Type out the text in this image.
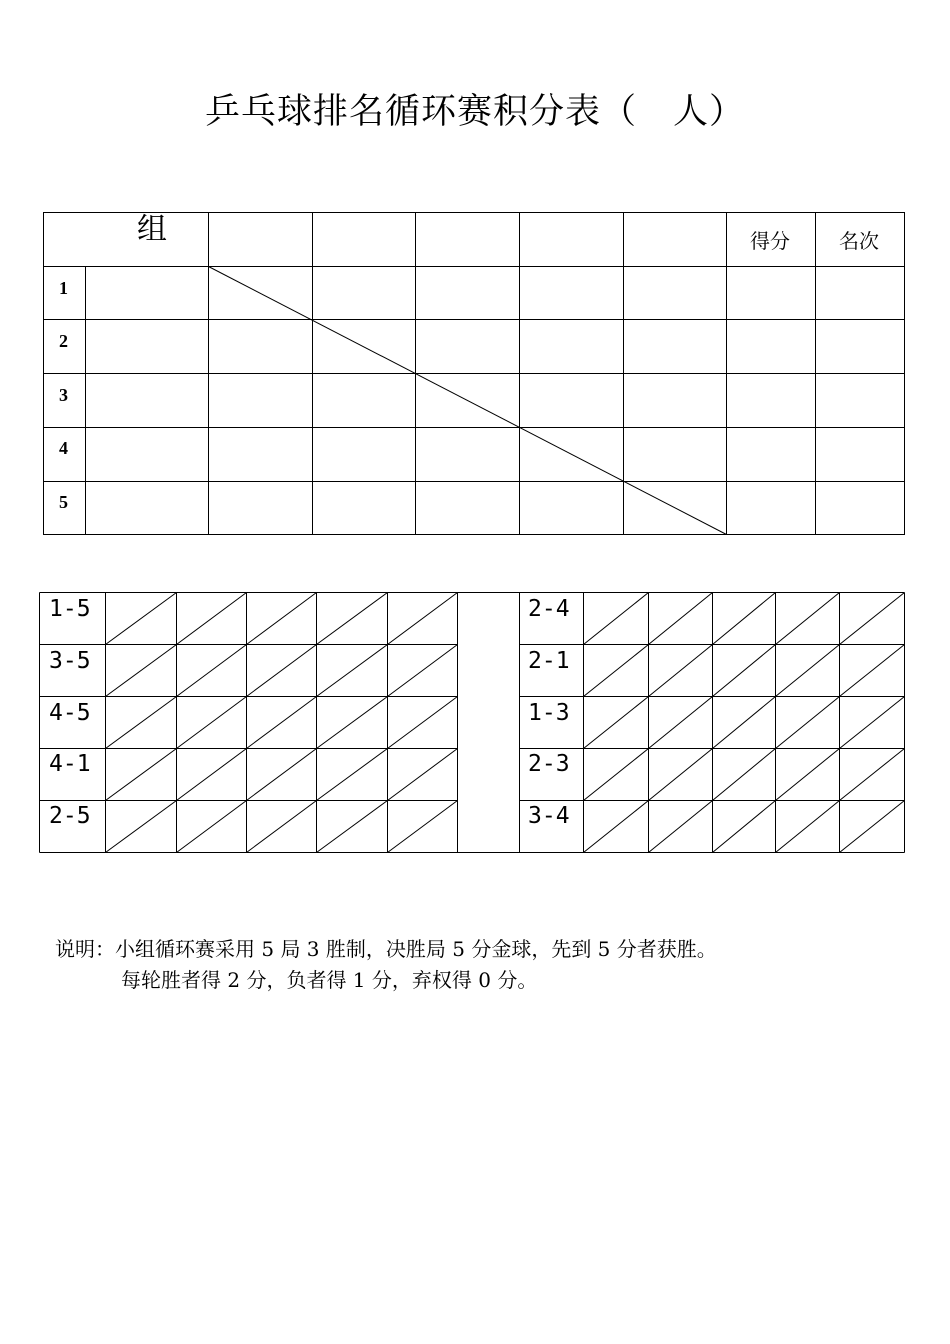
乒乓球排名循环赛积分表（　人）
组	得分 名次
1
2
3
4
5
1-5
3-5
4-5
4-1
2-5
2-4
2-1
1-3
2-3
3-4
说明：小组循环赛采用 5 局 3 胜制，决胜局 5 分金球，先到 5 分者获胜。
每轮胜者得 2 分，负者得 1 分，弃权得 0 分。
